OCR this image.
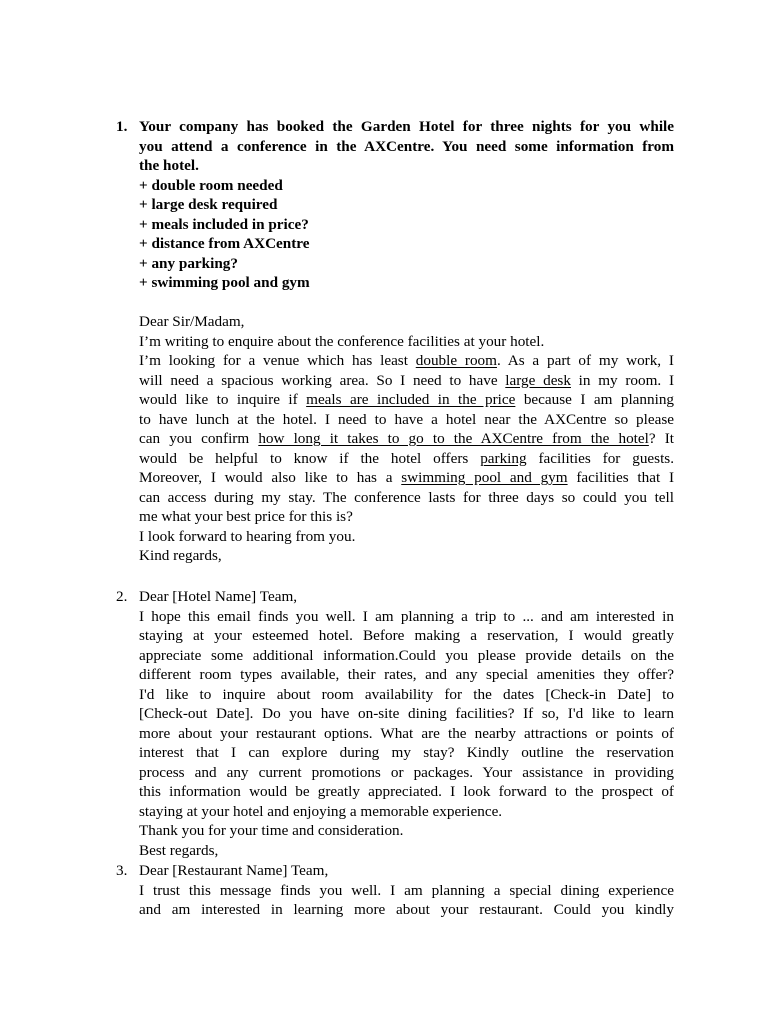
1. Your company has booked the Garden Hotel for three nights for you while
you attend a conference in the AXCentre. You need some information from
the hotel.
+ double room needed
+ large desk required
+ meals included in price?
+ distance from AXCentre
+ any parking?
+ swimming pool and gym
Dear Sir/Madam,
I’m writing to enquire about the conference facilities at your hotel.
I’m looking for a venue which has least double room. As a part of my work, I
will need a spacious working area. So I need to have large desk in my room. I
would like to inquire if meals are included in the price because I am planning
to have lunch at the hotel. I need to have a hotel near the AXCentre so please
can you confirm how long it takes to go to the AXCentre from the hotel? It
would be helpful to know if the hotel offers parking facilities for guests.
Moreover, I would also like to has a swimming pool and gym facilities that I
can access during my stay. The conference lasts for three days so could you tell
me what your best price for this is?
I look forward to hearing from you.
Kind regards,
2. Dear [Hotel Name] Team,
I hope this email finds you well. I am planning a trip to ... and am interested in
staying at your esteemed hotel. Before making a reservation, I would greatly
appreciate some additional information.Could you please provide details on the
different room types available, their rates, and any special amenities they offer?
I'd like to inquire about room availability for the dates [Check-in Date] to
[Check-out Date]. Do you have on-site dining facilities? If so, I'd like to learn
more about your restaurant options. What are the nearby attractions or points of
interest that I can explore during my stay? Kindly outline the reservation
process and any current promotions or packages. Your assistance in providing
this information would be greatly appreciated. I look forward to the prospect of
staying at your hotel and enjoying a memorable experience.
Thank you for your time and consideration.
Best regards,
3. Dear [Restaurant Name] Team,
I trust this message finds you well. I am planning a special dining experience
and am interested in learning more about your restaurant. Could you kindly
